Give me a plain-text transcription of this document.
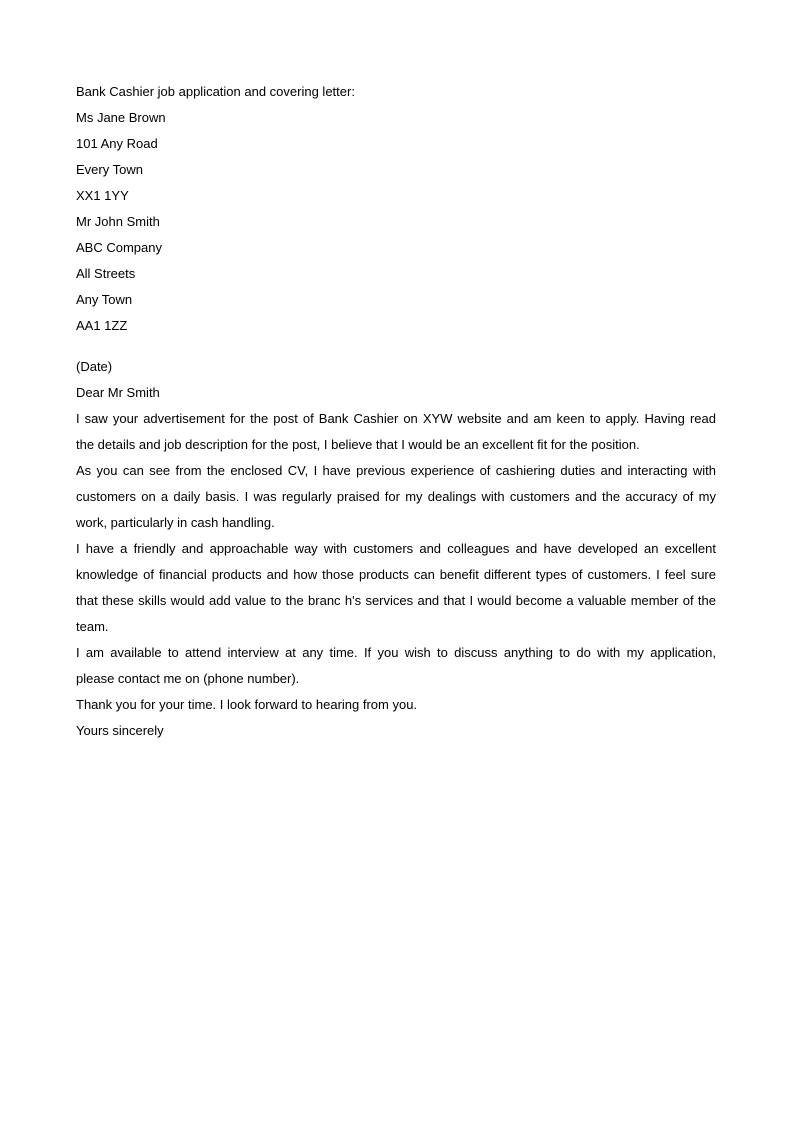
Bank Cashier job application and covering letter:
Ms Jane Brown
101 Any Road
Every Town
XX1 1YY
Mr John Smith
ABC Company
All Streets
Any Town
AA1 1ZZ
(Date)
Dear Mr Smith
I saw your advertisement for the post of Bank Cashier on XYW website and am keen to apply. Having read
the details and job description for the post, I believe that I would be an excellent fit for the position.
As you can see from the enclosed CV, I have previous experience of cashiering duties and interacting with
customers on a daily basis. I was regularly praised for my dealings with customers and the accuracy of my
work, particularly in cash handling.
I have a friendly and approachable way with customers and colleagues and have developed an excellent
knowledge of financial products and how those products can benefit different types of customers. I feel sure
that these skills would add value to the branc h's services and that I would become a valuable member of the
team.
I am available to attend interview at any time. If you wish to discuss anything to do with my application,
please contact me on (phone number).
Thank you for your time. I look forward to hearing from you.
Yours sincerely
